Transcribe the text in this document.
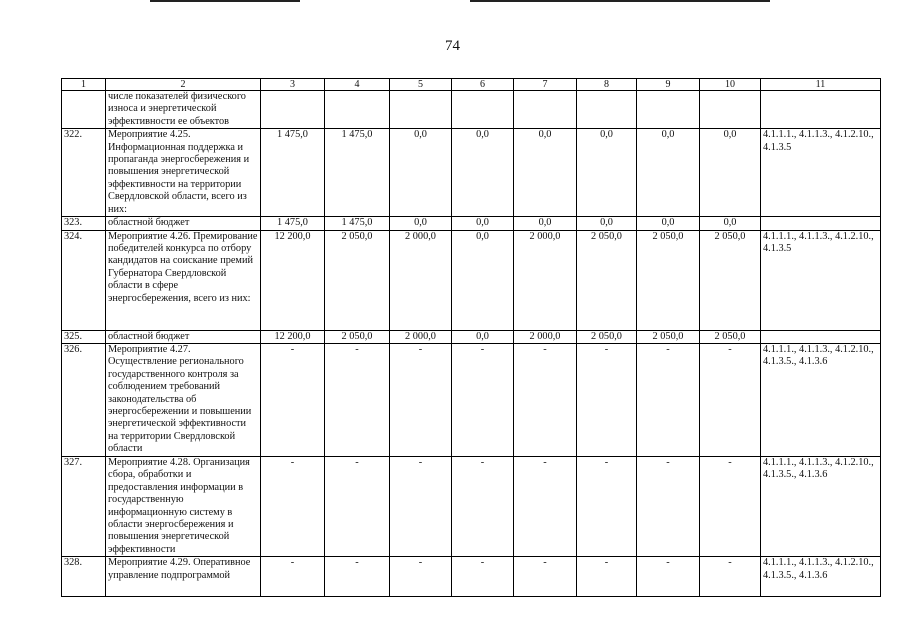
74
1	2	3	4	5	6	7	8	9	10	11
	числе показателей физического износа и энергетической эффективности ее объектов									
322.	Мероприятие 4.25. Информационная поддержка и пропаганда энергосбережения и повышения энергетической эффективности на территории Свердловской области, всего из них:	1 475,0	1 475,0	0,0	0,0	0,0	0,0	0,0	0,0	4.1.1.1., 4.1.1.3., 4.1.2.10., 4.1.3.5
323.	областной бюджет	1 475,0	1 475,0	0,0	0,0	0,0	0,0	0,0	0,0	
324.	Мероприятие 4.26. Премирование победителей конкурса по отбору кандидатов на соискание премий Губернатора Свердловской области в сфере энергосбережения, всего из них:	12 200,0	2 050,0	2 000,0	0,0	2 000,0	2 050,0	2 050,0	2 050,0	4.1.1.1., 4.1.1.3., 4.1.2.10., 4.1.3.5
325.	областной бюджет	12 200,0	2 050,0	2 000,0	0,0	2 000,0	2 050,0	2 050,0	2 050,0	
326.	Мероприятие 4.27. Осуществление регионального государственного контроля за соблюдением требований законодательства об энергосбережении и повышении энергетической эффективности на территории Свердловской области	-	-	-	-	-	-	-	-	4.1.1.1., 4.1.1.3., 4.1.2.10., 4.1.3.5., 4.1.3.6
327.	Мероприятие 4.28. Организация сбора, обработки и предоставления информации в государственную информационную систему в области энергосбережения и повышения энергетической эффективности	-	-	-	-	-	-	-	-	4.1.1.1., 4.1.1.3., 4.1.2.10., 4.1.3.5., 4.1.3.6
328.	Мероприятие 4.29. Оперативное управление подпрограммой	-	-	-	-	-	-	-	-	4.1.1.1., 4.1.1.3., 4.1.2.10., 4.1.3.5., 4.1.3.6
